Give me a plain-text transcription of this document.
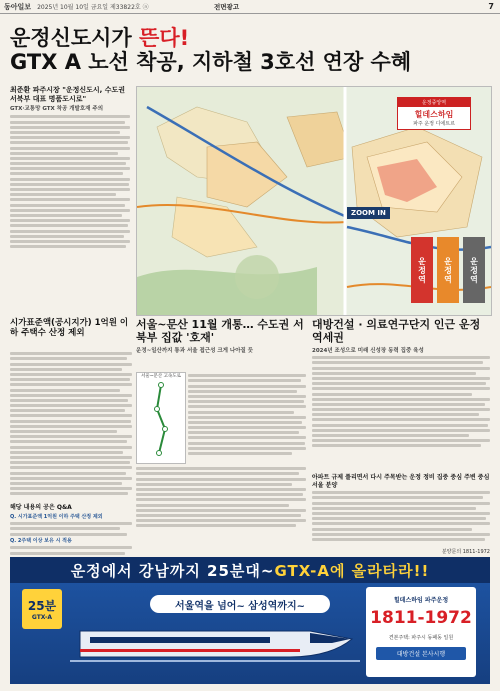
동아일보 2025년 10월 10일 금요일 제33822호 ⓐ	전면광고	7
운정신도시가 뜬다!
GTX A 노선 착공, 지하철 3호선 연장 수혜
최준환 파주시장 "운정신도시, 수도권 서북부 대표 명품도시로"
GTX·교통망 GTX 착공 개발호재 주의
ZOOM IN
운정중앙역
힐데스하임
파주 운정 디에트르
운정역	운정역	운정역
시가표준액(공시지가) 1억원 이하 주택수 산정 제외
해당 내용의 공은 Q&A
Q. 시가표준액 1억원 이하 주택 산정 제외
Q. 2주택 이상 보유 시 적용
서울~문산 11월 개통… 수도권 서북부 집값 '호재'
운정~일산까지 통과 서울 접근성 크게 나아질 듯
서울~문산 고속도로
대방건설 · 의료연구단지 인근 운정 역세권
2024년 조성으로 미래 신성장 동력 집중 육성
아파트 규제 풀리면서 다시 주목받는 운정 정비 집중 중심 주변 중심 서울 분양
분양문의 1811-1972
운정에서 강남까지 25분대~ GTX-A에 올라타라!!
25분
GTX-A
서울역을 넘어~ 삼성역까지~	힐데스하임 파주운정
1811-1972
견본주택: 파주시 동패동 일원
대방건설 본사시행
